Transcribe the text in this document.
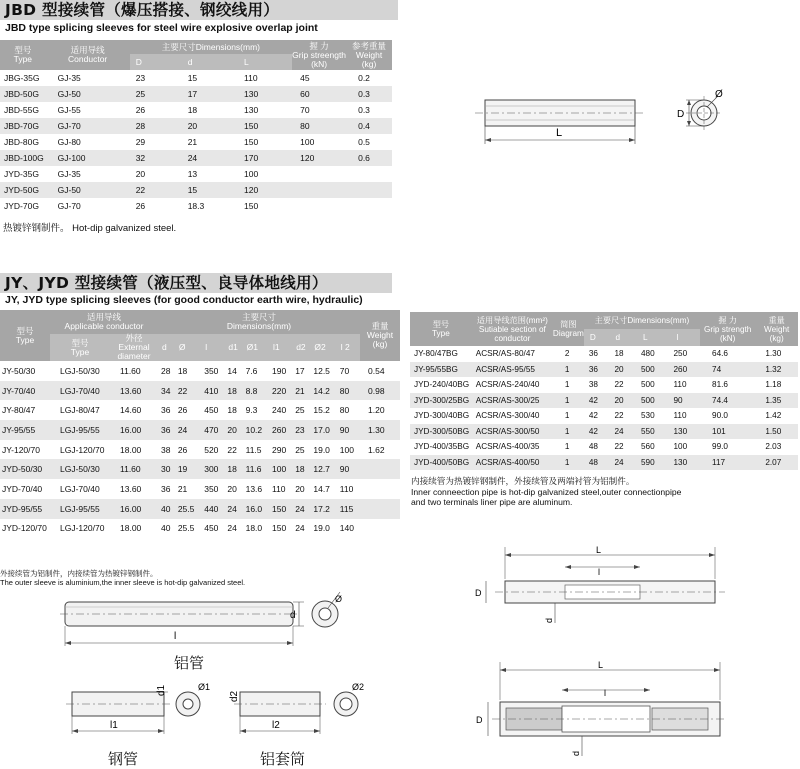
JBD 型接续管（爆压搭接、钢绞线用）
JBD type splicing sleeves for steel wire explosive overlap joint
型号
Type	适用导线
Conductor	主要尺寸Dimensions(mm)			握 力
Grip streength
(kN)	参考重量
Weight
(kg)
		D	d	L		
JBG-35G	GJ-35	23	15	110	45	0.2
JBD-50G	GJ-50	25	17	130	60	0.3
JBD-55G	GJ-55	26	18	130	70	0.3
JBD-70G	GJ-70	28	20	150	80	0.4
JBD-80G	GJ-80	29	21	150	100	0.5
JBD-100G	GJ-100	32	24	170	120	0.6
JYD-35G	GJ-35	20	13	100		
JYD-50G	GJ-50	22	15	120		
JYD-70G	GJ-70	26	18.3	150		
热镀锌钢制件。 Hot-dip galvanized steel.
L
D
Ø
JY、JYD 型接续管（液压型、良导体地线用）
JY, JYD type splicing sleeves (for good conductor earth wire, hydraulic)
型号
Type	适用导线
Applicable conductor		主要尺寸
Dimensions(mm)									重量
Weight
(kg)
	型号
Type	外径
External
diameter	d	Ø	l	d1	Ø1	l1	d2	Ø2	l 2	
JY-50/30	LGJ-50/30	11.60	28	18	350	14	7.6	190	17	12.5	70	0.54
JY-70/40	LGJ-70/40	13.60	34	22	410	18	8.8	220	21	14.2	80	0.98
JY-80/47	LGJ-80/47	14.60	36	26	450	18	9.3	240	25	15.2	80	1.20
JY-95/55	LGJ-95/55	16.00	36	24	470	20	10.2	260	23	17.0	90	1.30
JY-120/70	LGJ-120/70	18.00	38	26	520	22	11.5	290	25	19.0	100	1.62
JYD-50/30	LGJ-50/30	11.60	30	19	300	18	11.6	100	18	12.7	90	
JYD-70/40	LGJ-70/40	13.60	36	21	350	20	13.6	110	20	14.7	110	
JYD-95/55	LGJ-95/55	16.00	40	25.5	440	24	16.0	150	24	17.2	115	
JYD-120/70	LGJ-120/70	18.00	40	25.5	450	24	18.0	150	24	19.0	140	
外接续管为铝制件，内接续管为热镀锌钢制件。
The outer sleeve is aluminium,the inner sleeve is hot-dip galvanized steel.
d
l
Ø
铝管
l1
d1	Ø1
钢管
l2
d2
Ø2
铝套筒
型号
Type	适用导线范围(mm²)
Sutiable section of
conductor	简图
Diagram	主要尺寸Dimensions(mm)				握 力
Grip strength
(kN)	重量
Weight
(kg)
			D	d	L	l		
JY-80/47BG	ACSR/AS-80/47	2	36	18	480	250	64.6	1.30
JY-95/55BG	ACSR/AS-95/55	1	36	20	500	260	74	1.32
JYD-240/40BG	ACSR/AS-240/40	1	38	22	500	110	81.6	1.18
JYD-300/25BG	ACSR/AS-300/25	1	42	20	500	90	74.4	1.35
JYD-300/40BG	ACSR/AS-300/40	1	42	22	530	110	90.0	1.42
JYD-300/50BG	ACSR/AS-300/50	1	42	24	550	130	101	1.50
JYD-400/35BG	ACSR/AS-400/35	1	48	22	560	100	99.0	2.03
JYD-400/50BG	ACSR/AS-400/50	1	48	24	590	130	117	2.07
内接续管为热镀锌钢制件，外接续管及两端衬管为铝制件。
Inner conneection pipe is hot-dip galvanized steel,outer connectionpipe
and two terminals liner pipe are aluminum.
L
l
D
d
L
l
D
d
